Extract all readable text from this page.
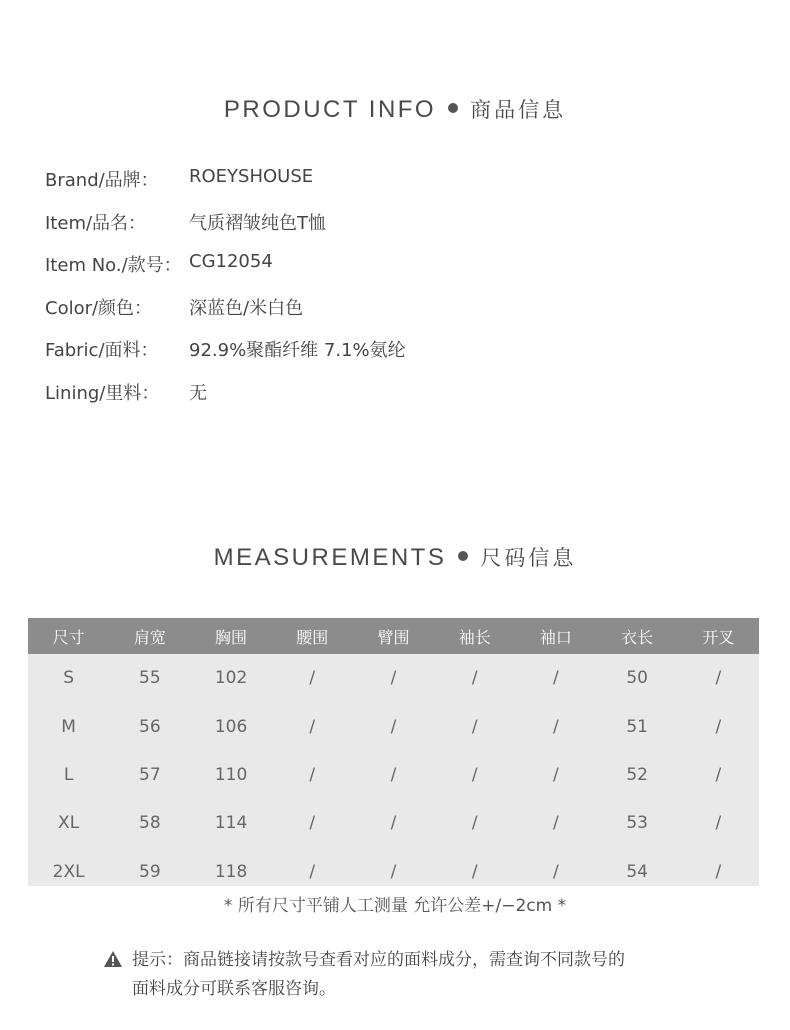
PRODUCT INFO 商品信息
Brand/品牌： ROEYSHOUSE
Item/品名： 气质褶皱纯色T恤
Item No./款号： CG12054
Color/颜色： 深蓝色/米白色
Fabric/面料： 92.9%聚酯纤维 7.1%氨纶
Lining/里料： 无
MEASUREMENTS 尺码信息
尺寸	肩宽	胸围	腰围	臂围	袖长	袖口	衣长	开叉
S	55	102	/	/	/	/	50	/
M	56	106	/	/	/	/	51	/
L	57	110	/	/	/	/	52	/
XL	58	114	/	/	/	/	53	/
2XL	59	118	/	/	/	/	54	/
* 所有尺寸平铺人工测量 允许公差+/−2cm *
提示：商品链接请按款号查看对应的面料成分，需查询不同款号的
面料成分可联系客服咨询。
